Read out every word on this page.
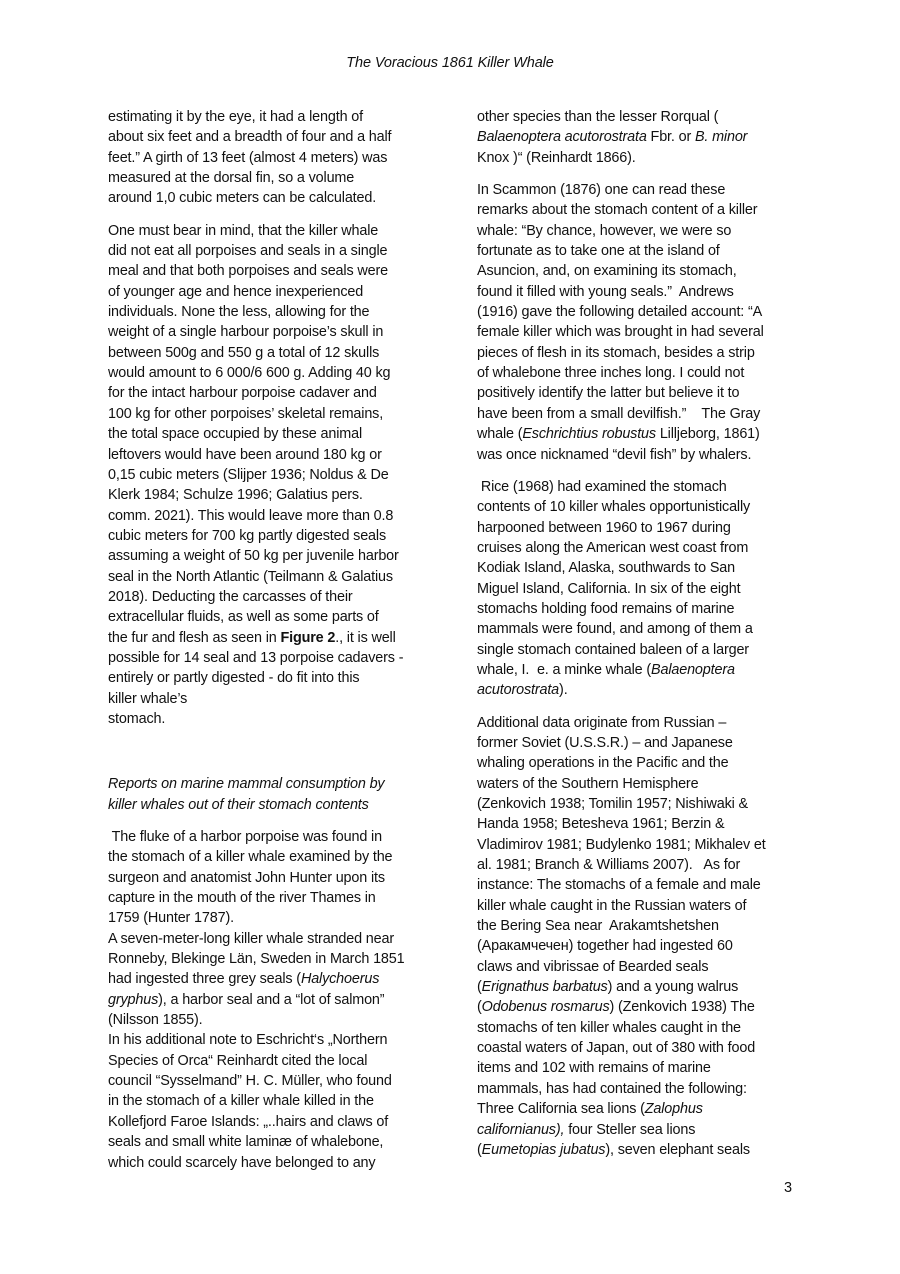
The Voracious 1861 Killer Whale
estimating it by the eye, it had a length of
about six feet and a breadth of four and a half
feet.” A girth of 13 feet (almost 4 meters) was
measured at the dorsal fin, so a volume
around 1,0 cubic meters can be calculated.
One must bear in mind, that the killer whale
did not eat all porpoises and seals in a single
meal and that both porpoises and seals were
of younger age and hence inexperienced
individuals. None the less, allowing for the
weight of a single harbour porpoise’s skull in
between 500g and 550 g a total of 12 skulls
would amount to 6 000/6 600 g. Adding 40 kg
for the intact harbour porpoise cadaver and
100 kg for other porpoises’ skeletal remains,
the total space occupied by these animal
leftovers would have been around 180 kg or
0,15 cubic meters (Slijper 1936; Noldus & De
Klerk 1984; Schulze 1996; Galatius pers.
comm. 2021). This would leave more than 0.8
cubic meters for 700 kg partly digested seals
assuming a weight of 50 kg per juvenile harbor
seal in the North Atlantic (Teilmann & Galatius
2018). Deducting the carcasses of their
extracellular fluids, as well as some parts of
the fur and flesh as seen in Figure 2., it is well
possible for 14 seal and 13 porpoise cadavers -
entirely or partly digested - do fit into this
killer whale’s
stomach.
Reports on marine mammal consumption by
killer whales out of their stomach contents
The fluke of a harbor porpoise was found in
the stomach of a killer whale examined by the
surgeon and anatomist John Hunter upon its
capture in the mouth of the river Thames in
1759 (Hunter 1787).
A seven-meter-long killer whale stranded near
Ronneby, Blekinge Län, Sweden in March 1851
had ingested three grey seals (Halychoerus
gryphus), a harbor seal and a “lot of salmon”
(Nilsson 1855).
In his additional note to Eschricht‘s „Northern
Species of Orca“ Reinhardt cited the local
council “Sysselmand” H. C. Müller, who found
in the stomach of a killer whale killed in the
Kollefjord Faroe Islands: „..hairs and claws of
seals and small white laminæ of whalebone,
which could scarcely have belonged to any
other species than the lesser Rorqual (
Balaenoptera acutorostrata Fbr. or B. minor
Knox )“ (Reinhardt 1866).
In Scammon (1876) one can read these
remarks about the stomach content of a killer
whale: “By chance, however, we were so
fortunate as to take one at the island of
Asuncion, and, on examining its stomach,
found it filled with young seals.”  Andrews
(1916) gave the following detailed account: “A
female killer which was brought in had several
pieces of flesh in its stomach, besides a strip
of whalebone three inches long. I could not
positively identify the latter but believe it to
have been from a small devilfish.”    The Gray
whale (Eschrichtius robustus Lilljeborg, 1861)
was once nicknamed “devil fish” by whalers.
Rice (1968) had examined the stomach
contents of 10 killer whales opportunistically
harpooned between 1960 to 1967 during
cruises along the American west coast from
Kodiak Island, Alaska, southwards to San
Miguel Island, California. In six of the eight
stomachs holding food remains of marine
mammals were found, and among of them a
single stomach contained baleen of a larger
whale, I.  e. a minke whale (Balaenoptera
acutorostrata).
Additional data originate from Russian –
former Soviet (U.S.S.R.) – and Japanese
whaling operations in the Pacific and the
waters of the Southern Hemisphere
(Zenkovich 1938; Tomilin 1957; Nishiwaki &
Handa 1958; Betesheva 1961; Berzin &
Vladimirov 1981; Budylenko 1981; Mikhalev et
al. 1981; Branch & Williams 2007).   As for
instance: The stomachs of a female and male
killer whale caught in the Russian waters of
the Bering Sea near  Arakamtshetshen
(Аракамчечен) together had ingested 60
claws and vibrissae of Bearded seals
(Erignathus barbatus) and a young walrus
(Odobenus rosmarus) (Zenkovich 1938) The
stomachs of ten killer whales caught in the
coastal waters of Japan, out of 380 with food
items and 102 with remains of marine
mammals, has had contained the following:
Three California sea lions (Zalophus
californianus), four Steller sea lions
(Eumetopias jubatus), seven elephant seals
3
